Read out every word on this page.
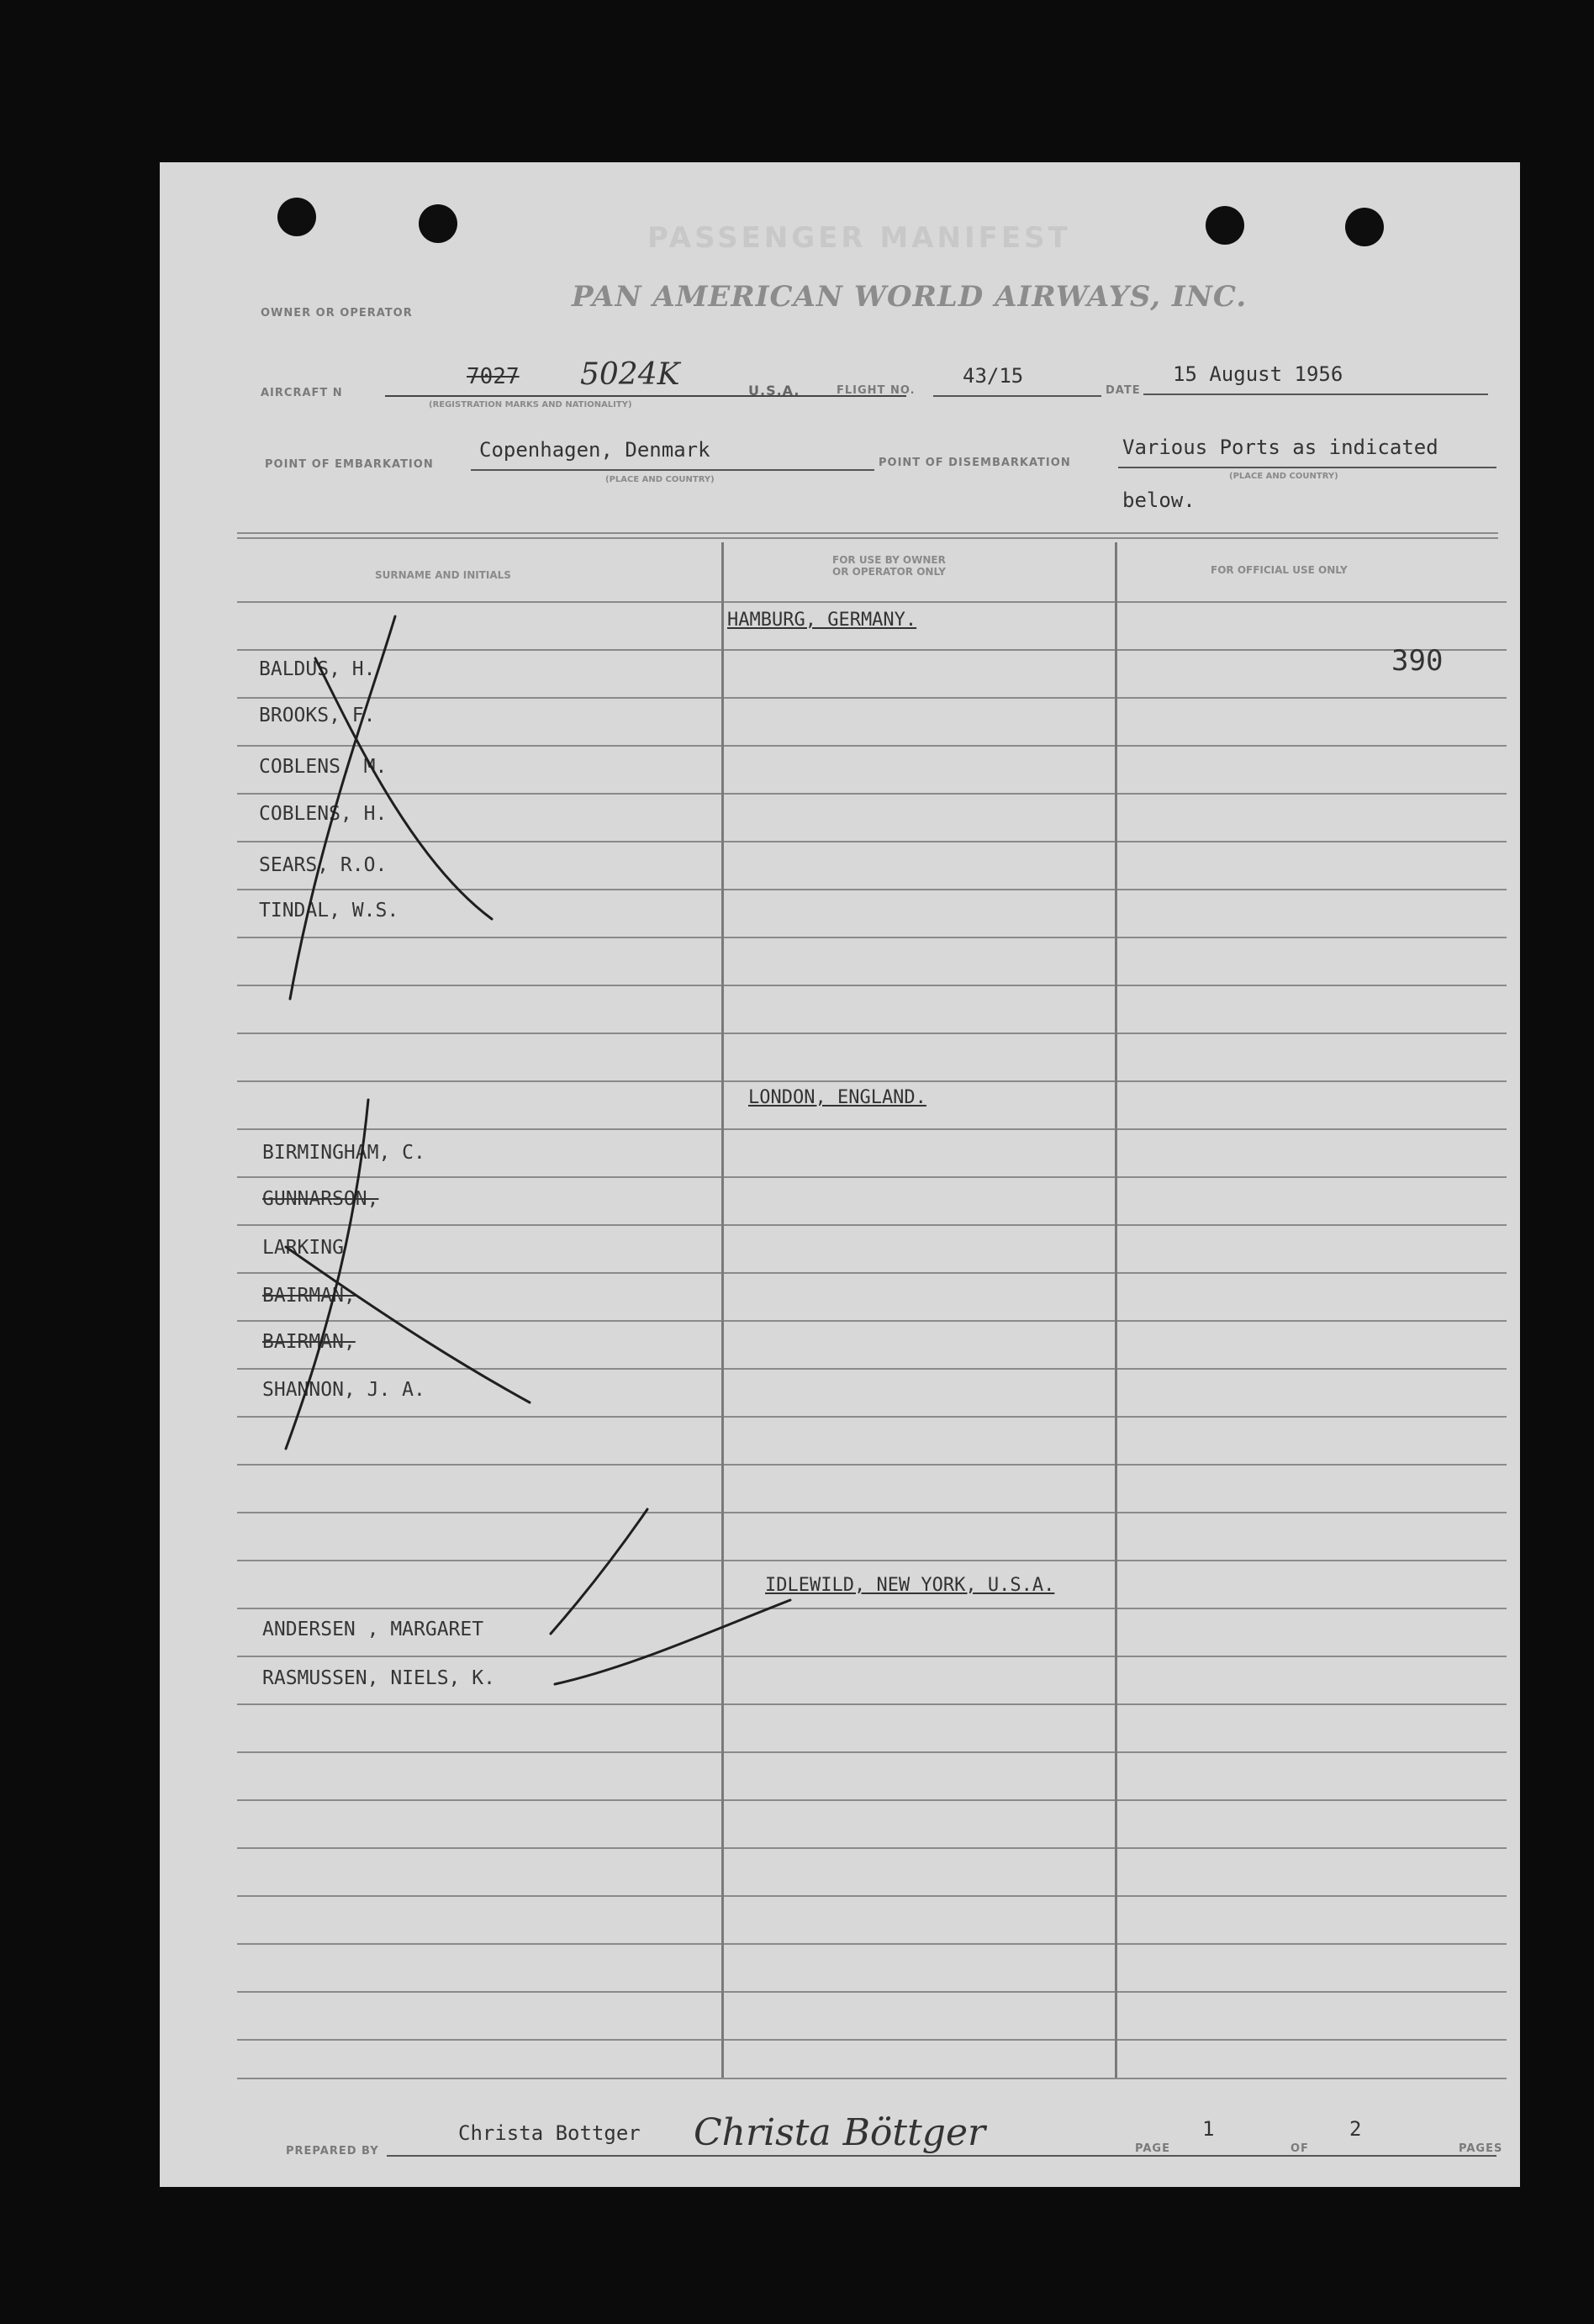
PASSENGER MANIFEST
OWNER OR OPERATOR	PAN AMERICAN WORLD AIRWAYS, INC.
AIRCRAFT N
7027 5024K
(REGISTRATION MARKS AND NATIONALITY)
U.S.A.	FLIGHT NO.
43/15
DATE
15 August 1956
POINT OF EMBARKATION
Copenhagen, Denmark
(PLACE AND COUNTRY)
POINT OF DISEMBARKATION
Various Ports as indicated
(PLACE AND COUNTRY)
below.
SURNAME AND INITIALS
FOR USE BY OWNER
OR OPERATOR ONLY	FOR OFFICIAL USE ONLY
HAMBURG, GERMANY.
390
BALDUS, H.
BROOKS, F.
COBLENS, M.
COBLENS, H.
SEARS, R.O.
TINDAL, W.S.
LONDON, ENGLAND.
BIRMINGHAM, C.
GUNNARSON,
LARKING
BAIRMAN,
BAIRMAN,
SHANNON, J. A.
IDLEWILD, NEW YORK, U.S.A.
ANDERSEN , MARGARET
RASMUSSEN, NIELS, K.
PREPARED BY
Christa Bottger Christa Böttger	PAGE
1
OF
2
PAGES
